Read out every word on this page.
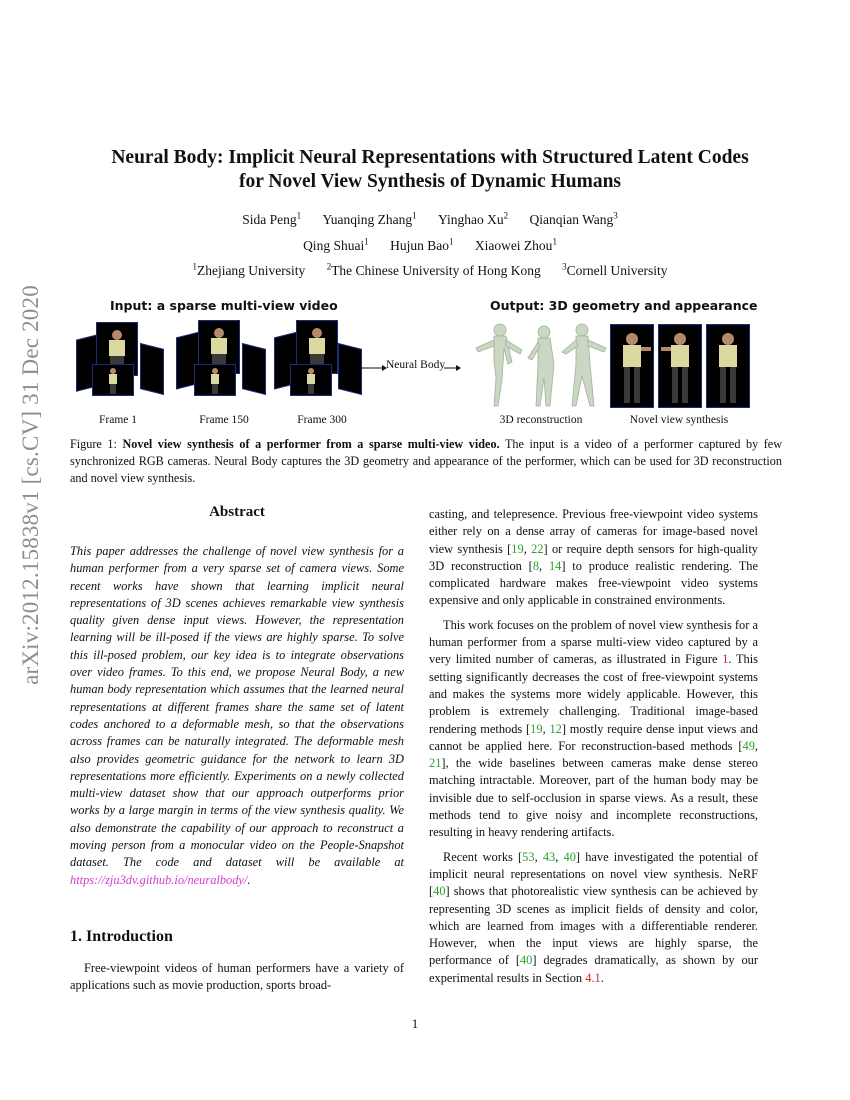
arXiv:2012.15838v1 [cs.CV] 31 Dec 2020
Neural Body: Implicit Neural Representations with Structured Latent Codes
for Novel View Synthesis of Dynamic Humans
Sida Peng$^1$ Yuanqing Zhang$^1$ Yinghao Xu$^2$ Qianqian Wang$^3$
Qing Shuai$^1$ Hujun Bao$^1$ Xiaowei Zhou$^1$
$^1$Zhejiang University $^2$The Chinese University of Hong Kong $^3$Cornell University
Input: a sparse multi-view video	Output: 3D geometry and appearance
Frame 1	Frame 150	Frame 300
Neural Body
3D reconstruction	Novel view synthesis
Figure 1: Novel view synthesis of a performer from a sparse multi-view video. The input is a video of a performer captured by few synchronized RGB cameras. Neural Body captures the 3D geometry and appearance of the performer, which can be used for 3D reconstruction and novel view synthesis.
Abstract
This paper addresses the challenge of novel view synthesis for a human performer from a very sparse set of camera views. Some recent works have shown that learning implicit neural representations of 3D scenes achieves remarkable view synthesis quality given dense input views. However, the representation learning will be ill-posed if the views are highly sparse. To solve this ill-posed problem, our key idea is to integrate observations over video frames. To this end, we propose Neural Body, a new human body representation which assumes that the learned neural representations at different frames share the same set of latent codes anchored to a deformable mesh, so that the observations across frames can be naturally integrated. The deformable mesh also provides geometric guidance for the network to learn 3D representations more efficiently. Experiments on a newly collected multi-view dataset show that our approach outperforms prior works by a large margin in terms of the view synthesis quality. We also demonstrate the capability of our approach to reconstruct a moving person from a monocular video on the People-Snapshot dataset. The code and dataset will be available at https://zju3dv.github.io/neuralbody/.
1. Introduction
Free-viewpoint videos of human performers have a variety of applications such as movie production, sports broad-

casting, and telepresence. Previous free-viewpoint video systems either rely on a dense array of cameras for image-based novel view synthesis [19, 22] or require depth sensors for high-quality 3D reconstruction [8, 14] to produce realistic rendering. The complicated hardware makes free-viewpoint video systems expensive and only applicable in constrained environments.

This work focuses on the problem of novel view synthesis for a human performer from a sparse multi-view video captured by a very limited number of cameras, as illustrated in Figure 1. This setting significantly decreases the cost of free-viewpoint systems and makes the systems more widely applicable. However, this problem is extremely challenging. Traditional image-based rendering methods [19, 12] mostly require dense input views and cannot be applied here. For reconstruction-based methods [49, 21], the wide baselines between cameras make dense stereo matching intractable. Moreover, part of the human body may be invisible due to self-occlusion in sparse views. As a result, these methods tend to give noisy and incomplete reconstructions, resulting in heavy rendering artifacts.

Recent works [53, 43, 40] have investigated the potential of implicit neural representations on novel view synthesis. NeRF [40] shows that photorealistic view synthesis can be achieved by representing 3D scenes as implicit fields of density and color, which are learned from images with a differentiable renderer. However, when the input views are highly sparse, the performance of [40] degrades dramatically, as shown by our experimental results in Section 4.1.

1
